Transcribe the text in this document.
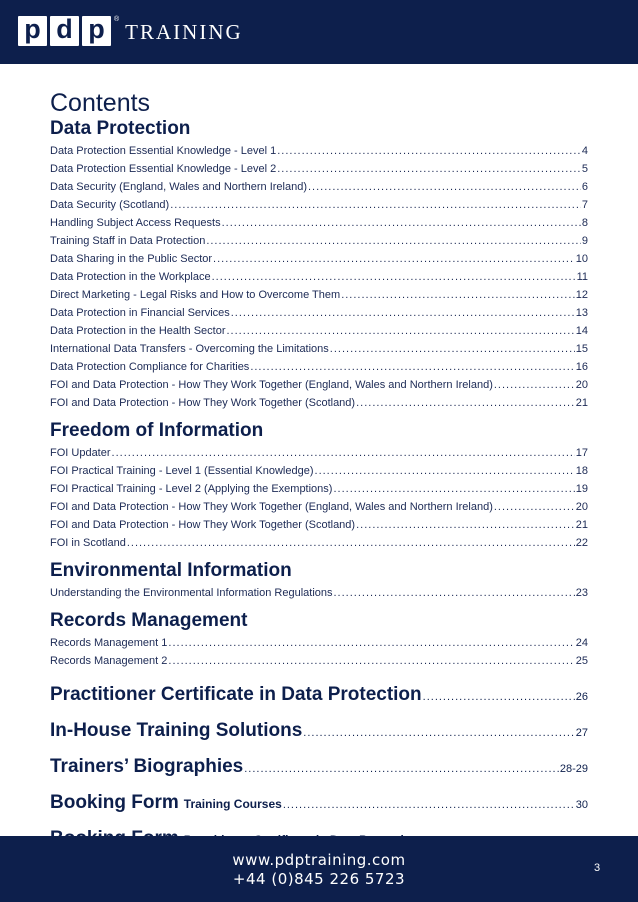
p d p	®
TRAINING
Contents
Data Protection
Data Protection Essential Knowledge - Level 1 .....	4
Data Protection Essential Knowledge - Level 2 .....	5
Data Security (England, Wales and Northern Ireland) .....	6
Data Security (Scotland) .....	7
Handling Subject Access Requests .....	8
Training Staff in Data Protection .....	9
Data Sharing in the Public Sector .....	10
Data Protection in the Workplace .....	11
Direct Marketing - Legal Risks and How to Overcome Them .....	12
Data Protection in Financial Services .....	13
Data Protection in the Health Sector .....	14
International Data Transfers - Overcoming the Limitations .....	15
Data Protection Compliance for Charities .....	16
FOI and Data Protection - How They Work Together (England, Wales and Northern Ireland) .....	20
FOI and Data Protection - How They Work Together (Scotland) .....	21
Freedom of Information
FOI Updater .....	17
FOI Practical Training - Level 1 (Essential Knowledge) .....	18
FOI Practical Training - Level 2 (Applying the Exemptions) .....	19
FOI and Data Protection - How They Work Together (England, Wales and Northern Ireland) .....	20
FOI and Data Protection - How They Work Together (Scotland) .....	21
FOI in Scotland .....	22
Environmental Information
Understanding the Environmental Information Regulations .....	23
Records Management
Records Management 1 .....	24
Records Management 2 .....	25
Practitioner Certificate in Data Protection .....	26
In-House Training Solutions .....	27
Trainers’ Biographies .....	28-29
Booking Form Training Courses .....	30
.....
www.pdptraining.com
+44 (0)845 226 5723
3
